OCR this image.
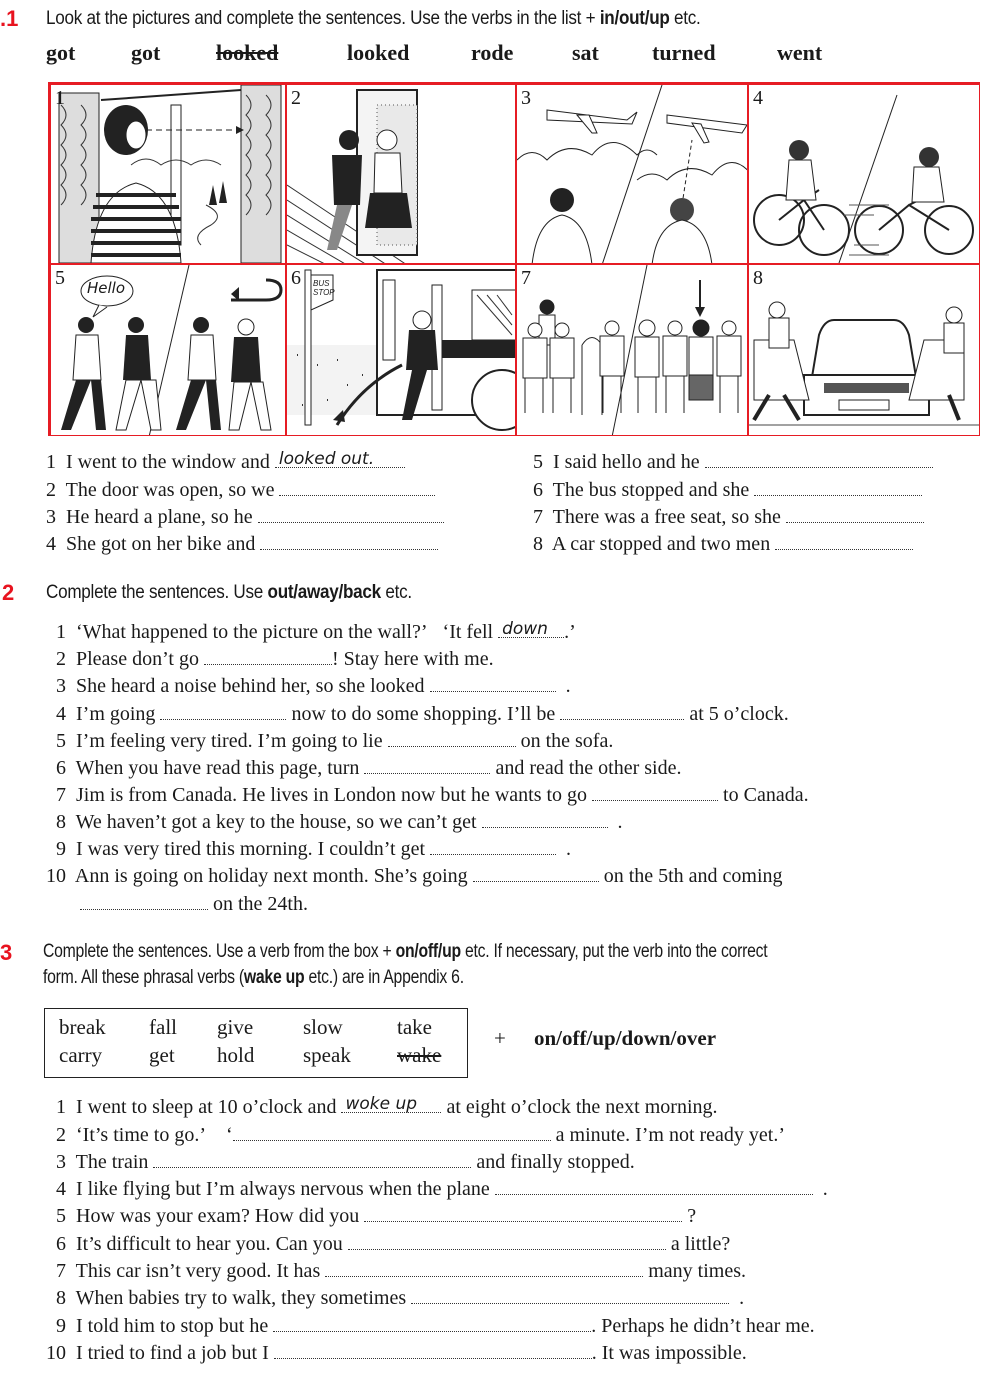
.1 Look at the pictures and complete the sentences. Use the verbs in the list + in/out/up etc.
got	got	looked	looked	rode	sat turned	went
1	2	3	4
5 Hello	6 BUS STOP
7	8
1 I went to the window and looked out.
2 The door was open, so we
3 He heard a plane, so he
4 She got on her bike and
5 I said hello and he
6 The bus stopped and she
7 There was a free seat, so she
8 A car stopped and two men
2 Complete the sentences. Use out/away/back etc.
1 ‘What happened to the picture on the wall?’ ‘It fell down .’
2 Please don’t go	! Stay here with me.
3 She heard a noise behind her, so she looked	.
4 I’m going	now to do some shopping. I’ll be	at 5 o’clock.
5 I’m feeling very tired. I’m going to lie	on the sofa.
6 When you have read this page, turn	and read the other side.
7 Jim is from Canada. He lives in London now but he wants to go	to Canada.
8 We haven’t got a key to the house, so we can’t get	.
9 I was very tired this morning. I couldn’t get	.
10 Ann is going on holiday next month. She’s going	on the 5th and coming
on the 24th.
3 Complete the sentences. Use a verb from the box + on/off/up etc. If necessary, put the verb into the correct
form. All these phrasal verbs (wake up etc.) are in Appendix 6.
break fall give slow	take
carry get hold speak wake
+ on/off/up/down/over
1 I went to sleep at 10 o’clock and woke up at eight o’clock the next morning.
2 ‘It’s time to go.’ ‘	a minute. I’m not ready yet.’
3 The train	and finally stopped.
4 I like flying but I’m always nervous when the plane	.
5 How was your exam? How did you	?
6 It’s difficult to hear you. Can you	a little?
7 This car isn’t very good. It has	many times.
8 When babies try to walk, they sometimes	.
9 I told him to stop but he	. Perhaps he didn’t hear me.
10 I tried to find a job but I	. It was impossible.
